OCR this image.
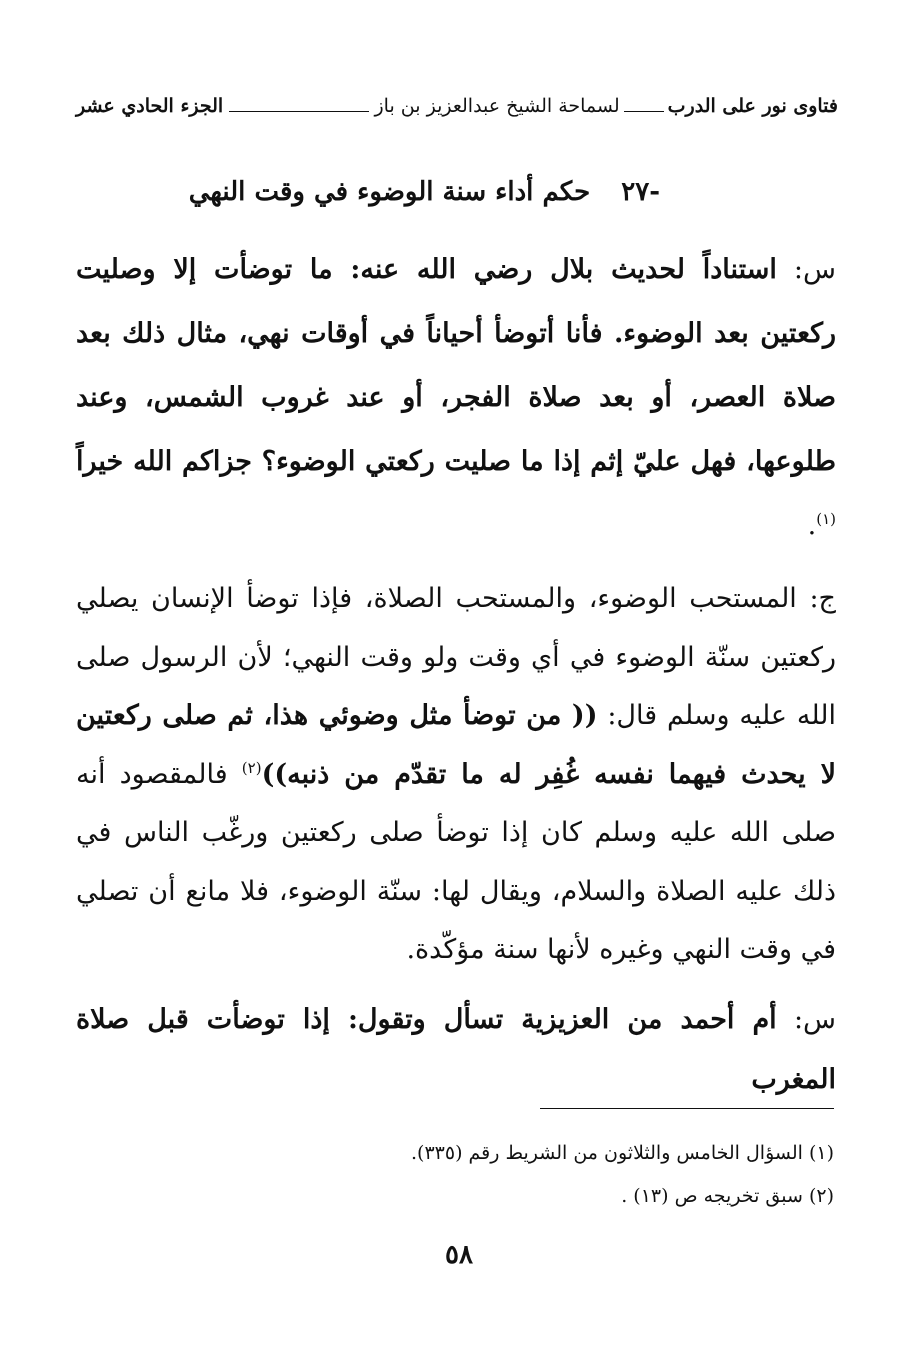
فتاوى نور على الدرب
لسماحة الشيخ عبدالعزيز بن باز
الجزء الحادي عشر
-٢٧ حكم أداء سنة الوضوء في وقت النهي

س: استناداً لحديث بلال رضي الله عنه: ما توضأت إلا وصليت ركعتين بعد الوضوء. فأنا أتوضأ أحياناً في أوقات نهي، مثال ذلك بعد صلاة العصر، أو بعد صلاة الفجر، أو عند غروب الشمس، وعند طلوعها، فهل عليّ إثم إذا ما صليت ركعتي الوضوء؟ جزاكم الله خيراً $^{(١)}$.

ج: المستحب الوضوء، والمستحب الصلاة، فإذا توضأ الإنسان يصلي ركعتين سنّة الوضوء في أي وقت ولو وقت النهي؛ لأن الرسول صلى الله عليه وسلم قال: (( من توضأ مثل وضوئي هذا، ثم صلى ركعتين لا يحدث فيهما نفسه غُفِر له ما تقدّم من ذنبه))$^{(٢)}$ فالمقصود أنه صلى الله عليه وسلم كان إذا توضأ صلى ركعتين ورغّب الناس في ذلك عليه الصلاة والسلام، ويقال لها: سنّة الوضوء، فلا مانع أن تصلي في وقت النهي وغيره لأنها سنة مؤكّدة.

س: أم أحمد من العزيزية تسأل وتقول: إذا توضأت قبل صلاة المغرب

(١) السؤال الخامس والثلاثون من الشريط رقم (٣٣٥).

(٢) سبق تخريجه ص (١٣) .

٥٨
